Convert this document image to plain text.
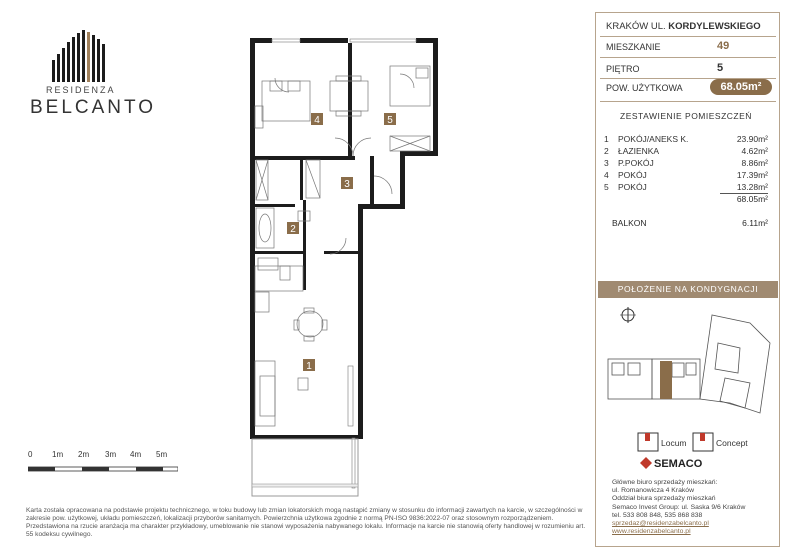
RESIDENZA
BELCANTO
4	5
3
2
1
0 1m 2m 3m 4m 5m
Karta została opracowana na podstawie projektu technicznego, w toku budowy lub zmian lokatorskich mogą nastąpić zmiany w stosunku do informacji zawartych na karcie, w szczególności w zakresie pow. użytkowej, układu pomieszczeń, lokalizacji przyborów sanitarnych. Powierzchnia użytkowa zgodnie z normą PN-ISO 9836:2022-07 oraz stosownym rozporządzeniem. Przedstawiona na rzucie aranżacja ma charakter przykładowy, umeblowanie nie stanowi wyposażenia nabywanego lokalu. Informacje na karcie nie stanowią oferty handlowej w rozumieniu art. 55 kodeksu cywilnego.
KRAKÓW UL. KORDYLEWSKIEGO
MIESZKANIE	49
PIĘTRO	5
POW. UŻYTKOWA	68.05m²
ZESTAWIENIE POMIESZCZEŃ
1 POKÓJ/ANEKS K.	23.90m²
2 ŁAZIENKA	4.62m²
3 P.POKÓJ	8.86m²
4 POKÓJ	17.39m²
5 POKÓJ	13.28m²
68.05m²
BALKON	6.11m²
POŁOŻENIE NA KONDYGNACJI
Locum	Concept
SEMACO
Główne biuro sprzedaży mieszkań:
ul. Romanowicza 4 Kraków
Oddział biura sprzedaży mieszkań
Semaco Invest Group: ul. Saska 9/6 Kraków
tel. 533 808 848, 535 868 838
sprzedaz@residenzabelcanto.pl
www.residenzabelcanto.pl
